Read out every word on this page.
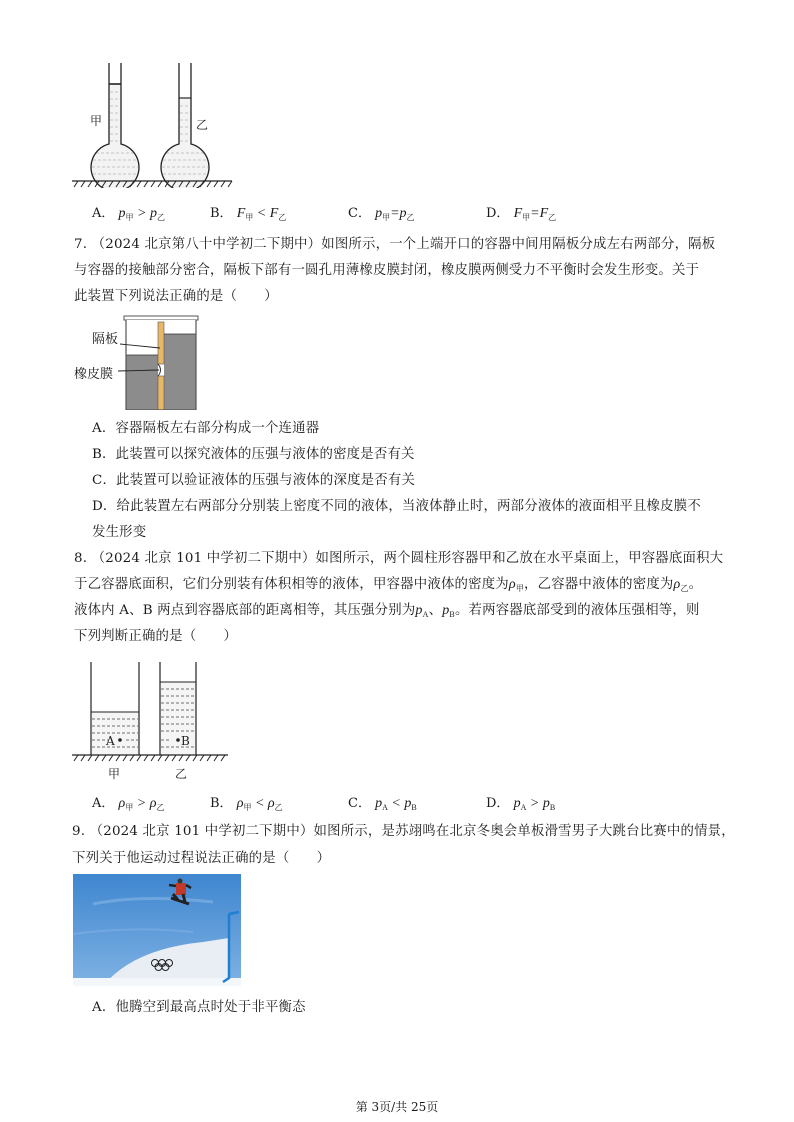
甲	乙
A． $p_甲 > p_乙$	B． $F_甲 < F_乙$	C． $p_甲=p_乙$	D． $F_甲=F_乙$
7. （2024 北京第八十中学初二下期中）如图所示，一个上端开口的容器中间用隔板分成左右两部分，隔板
与容器的接触部分密合，隔板下部有一圆孔用薄橡皮膜封闭，橡皮膜两侧受力不平衡时会发生形变。关于
此装置下列说法正确的是（　　）
隔板
橡皮膜
A．容器隔板左右部分构成一个连通器
B．此装置可以探究液体的压强与液体的密度是否有关
C．此装置可以验证液体的压强与液体的深度是否有关
D．给此装置左右两部分分别装上密度不同的液体，当液体静止时，两部分液体的液面相平且橡皮膜不
发生形变
8. （2024 北京 101 中学初二下期中）如图所示，两个圆柱形容器甲和乙放在水平桌面上，甲容器底面积大
于乙容器底面积，它们分别装有体积相等的液体，甲容器中液体的密度为$\rho_甲$，乙容器中液体的密度为$\rho_乙$。
液体内 A、B 两点到容器底部的距离相等，其压强分别为$p_A$、$p_B$。若两容器底部受到的液体压强相等，则
下列判断正确的是（　　）
A	B
甲	乙
A． $\rho_甲 > \rho_乙$	B． $\rho_甲 < \rho_乙$	C． $p_A < p_B$	D． $p_A > p_B$
9. （2024 北京 101 中学初二下期中）如图所示，是苏翊鸣在北京冬奥会单板滑雪男子大跳台比赛中的情景，
下列关于他运动过程说法正确的是（　　）
A．他腾空到最高点时处于非平衡态
第 3页/共 25页
